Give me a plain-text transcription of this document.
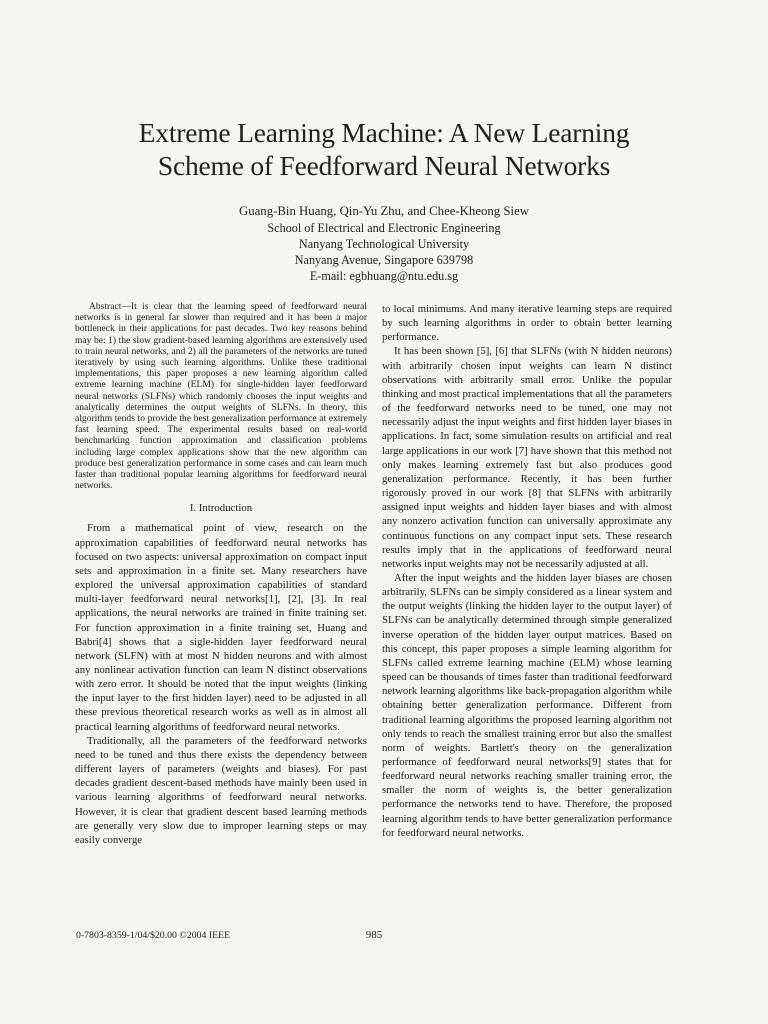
Extreme Learning Machine: A New Learning
Scheme of Feedforward Neural Networks
Guang-Bin Huang, Qin-Yu Zhu, and Chee-Kheong Siew
School of Electrical and Electronic Engineering
Nanyang Technological University
Nanyang Avenue, Singapore 639798
E-mail: egbhuang@ntu.edu.sg

Abstract—It is clear that the learning speed of feedforward neural networks is in general far slower than required and it has been a major bottleneck in their applications for past decades. Two key reasons behind may be: 1) the slow gradient-based learning algorithms are extensively used to train neural networks, and 2) all the parameters of the networks are tuned iteratively by using such learning algorithms. Unlike these traditional implementations, this paper proposes a new learning algorithm called extreme learning machine (ELM) for single-hidden layer feedforward neural networks (SLFNs) which randomly chooses the input weights and analytically determines the output weights of SLFNs. In theory, this algorithm tends to provide the best generalization performance at extremely fast learning speed. The experimental results based on real-world benchmarking function approximation and classification problems including large complex applications show that the new algorithm can produce best generalization performance in some cases and can learn much faster than traditional popular learning algorithms for feedforward neural networks.

I. Introduction

From a mathematical point of view, research on the approximation capabilities of feedforward neural networks has focused on two aspects: universal approximation on compact input sets and approximation in a finite set. Many researchers have explored the universal approximation capabilities of standard multi-layer feedforward neural networks[1], [2], [3]. In real applications, the neural networks are trained in finite training set. For function approximation in a finite training set, Huang and Babri[4] shows that a sigle-hidden layer feedforward neural network (SLFN) with at most N hidden neurons and with almost any nonlinear activation function can learn N distinct observations with zero error. It should be noted that the input weights (linking the input layer to the first hidden layer) need to be adjusted in all these previous theoretical research works as well as in almost all practical learning algorithms of feedforward neural networks.

Traditionally, all the parameters of the feedforward networks need to be tuned and thus there exists the dependency between different layers of parameters (weights and biases). For past decades gradient descent-based methods have mainly been used in various learning algorithms of feedforward neural networks. However, it is clear that gradient descent based learning methods are generally very slow due to improper learning steps or may easily converge

to local minimums. And many iterative learning steps are required by such learning algorithms in order to obtain better learning performance.

It has been shown [5], [6] that SLFNs (with N hidden neurons) with arbitrarily chosen input weights can learn N distinct observations with arbitrarily small error. Unlike the popular thinking and most practical implementations that all the parameters of the feedforward networks need to be tuned, one may not necessarily adjust the input weights and first hidden layer biases in applications. In fact, some simulation results on artificial and real large applications in our work [7] have shown that this method not only makes learning extremely fast but also produces good generalization performance. Recently, it has been further rigorously proved in our work [8] that SLFNs with arbitrarily assigned input weights and hidden layer biases and with almost any nonzero activation function can universally approximate any continuous functions on any compact input sets. These research results imply that in the applications of feedforward neural networks input weights may not be necessarily adjusted at all.

After the input weights and the hidden layer biases are chosen arbitrarily, SLFNs can be simply considered as a linear system and the output weights (linking the hidden layer to the output layer) of SLFNs can be analytically determined through simple generalized inverse operation of the hidden layer output matrices. Based on this concept, this paper proposes a simple learning algorithm for SLFNs called extreme learning machine (ELM) whose learning speed can be thousands of times faster than traditional feedforward network learning algorithms like back-propagation algorithm while obtaining better generalization performance. Different from traditional learning algorithms the proposed learning algorithm not only tends to reach the smallest training error but also the smallest norm of weights. Bartlett's theory on the generalization performance of feedforward neural networks[9] states that for feedforward neural networks reaching smaller training error, the smaller the norm of weights is, the better generalization performance the networks tend to have. Therefore, the proposed learning algorithm tends to have better generalization performance for feedforward neural networks.

0-7803-8359-1/04/$20.00 ©2004 IEEE	985
